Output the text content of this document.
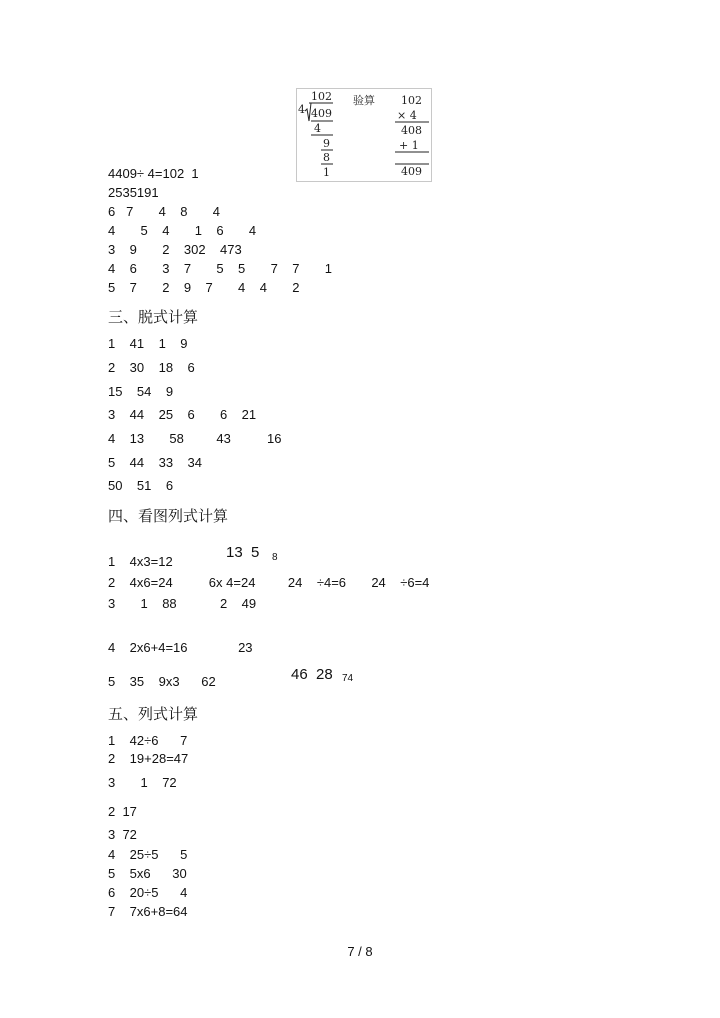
102
4 409
4
9
8
1
验算 102
× 4
408
+ 1
409
4409÷ 4=102  1
2535191
6   7       4    8       4
4       5    4       1    6       4
3    9       2    302    473
4    6       3    7       5    5       7    7       1
5    7       2    9    7       4    4       2
三、脱式计算
1    41    1    9
2    30    18    6
15    54    9
3    44    25    6       6    21
4    13       58         43          16
5    44    33    34
50    51    6
四、看图列式计算
1    4x3=12
13  5 8
2    4x6=24          6x 4=24         24    ÷4=6       24    ÷6=4
3       1    88            2    49
4    2x6+4=16              23
5    35    9x3      62	46  28 74
五、列式计算
1    42÷6      7
2    19+28=47
3       1    72
2  17
3  72
4    25÷5      5
5    5x6      30
6    20÷5      4
7    7x6+8=64
7 / 8
